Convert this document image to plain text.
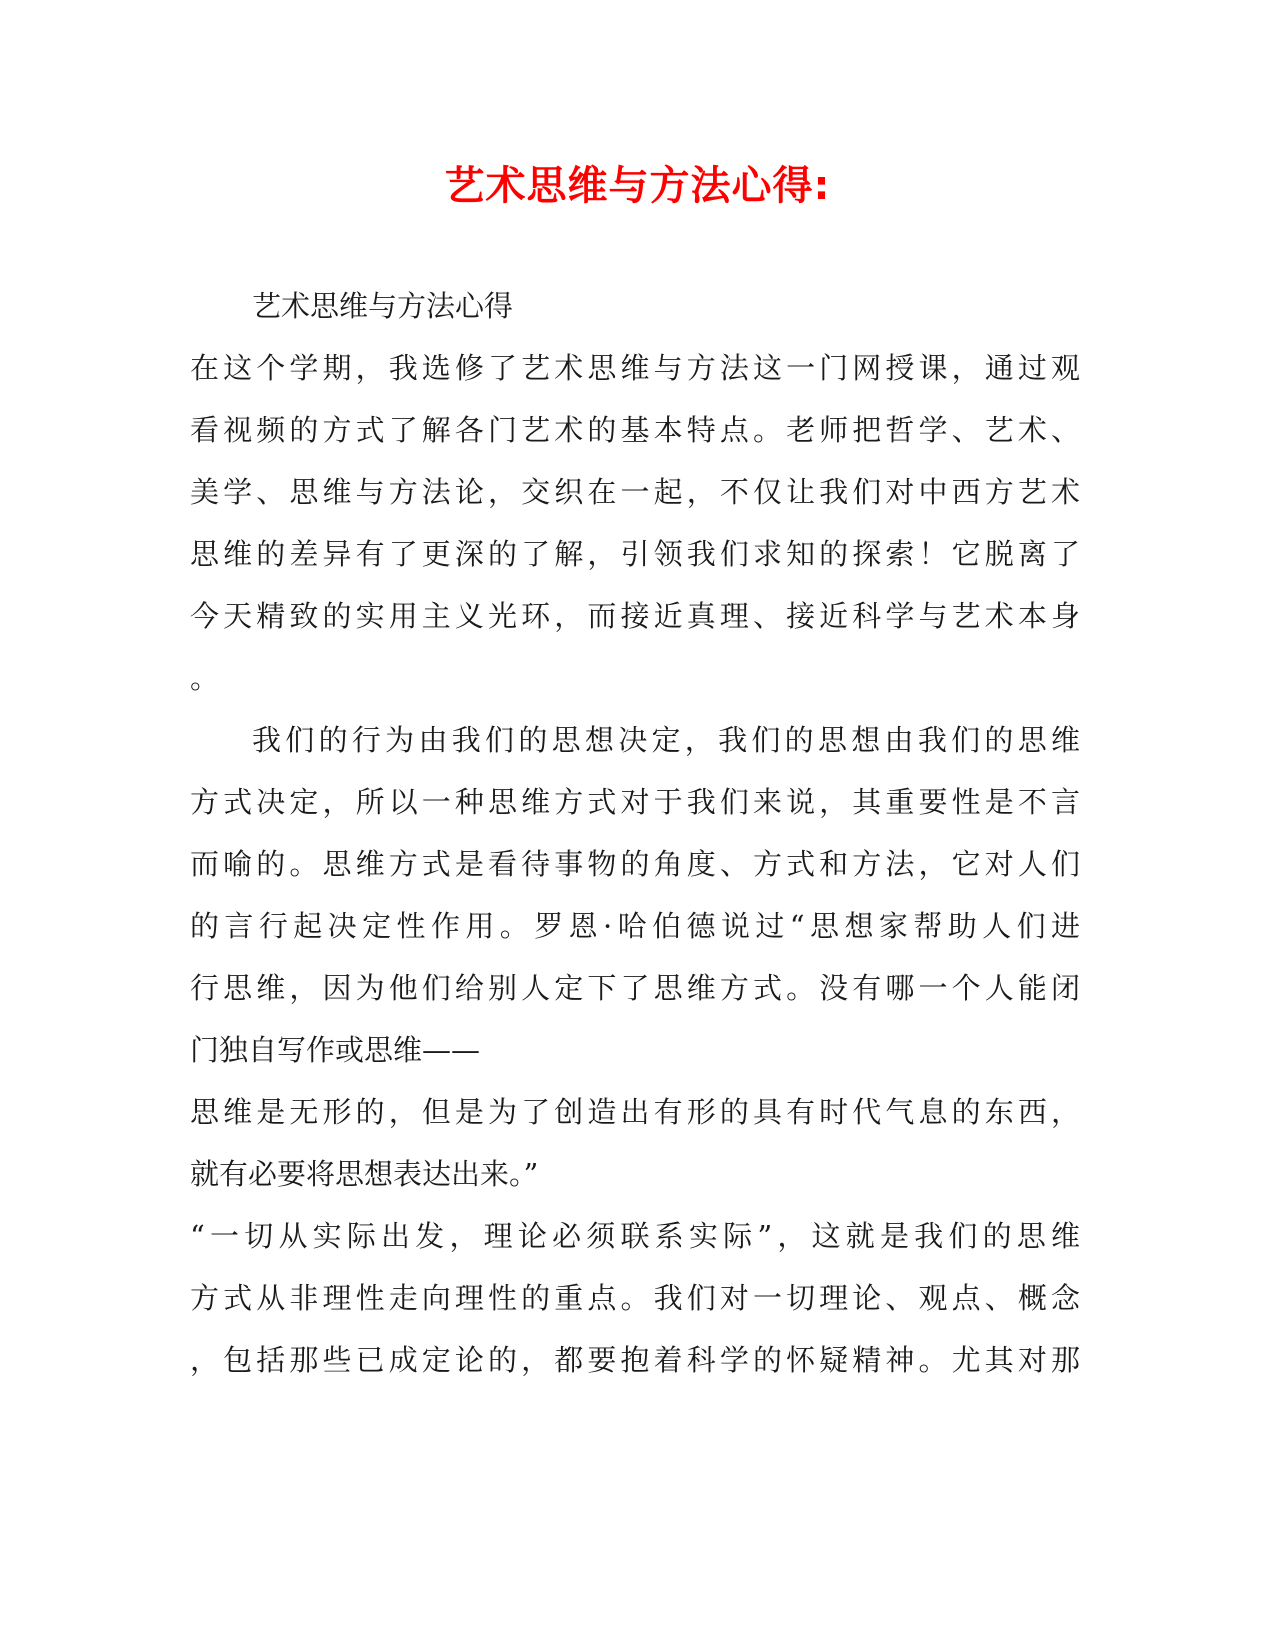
艺术思维与方法心得:
艺术思维与方法心得
在这个学期，我选修了艺术思维与方法这一门网授课，通过观
看视频的方式了解各门艺术的基本特点。老师把哲学、艺术、
美学、思维与方法论，交织在一起，不仅让我们对中西方艺术
思维的差异有了更深的了解，引领我们求知的探索！它脱离了
今天精致的实用主义光环，而接近真理、接近科学与艺术本身
。
我们的行为由我们的思想决定，我们的思想由我们的思维
方式决定，所以一种思维方式对于我们来说，其重要性是不言
而喻的。思维方式是看待事物的角度、方式和方法，它对人们
的言行起决定性作用。罗恩·哈伯德说过“思想家帮助人们进
行思维，因为他们给别人定下了思维方式。没有哪一个人能闭
门独自写作或思维——
思维是无形的，但是为了创造出有形的具有时代气息的东西，
就有必要将思想表达出来。”
“一切从实际出发，理论必须联系实际”，这就是我们的思维
方式从非理性走向理性的重点。我们对一切理论、观点、概念
，包括那些已成定论的，都要抱着科学的怀疑精神。尤其对那
